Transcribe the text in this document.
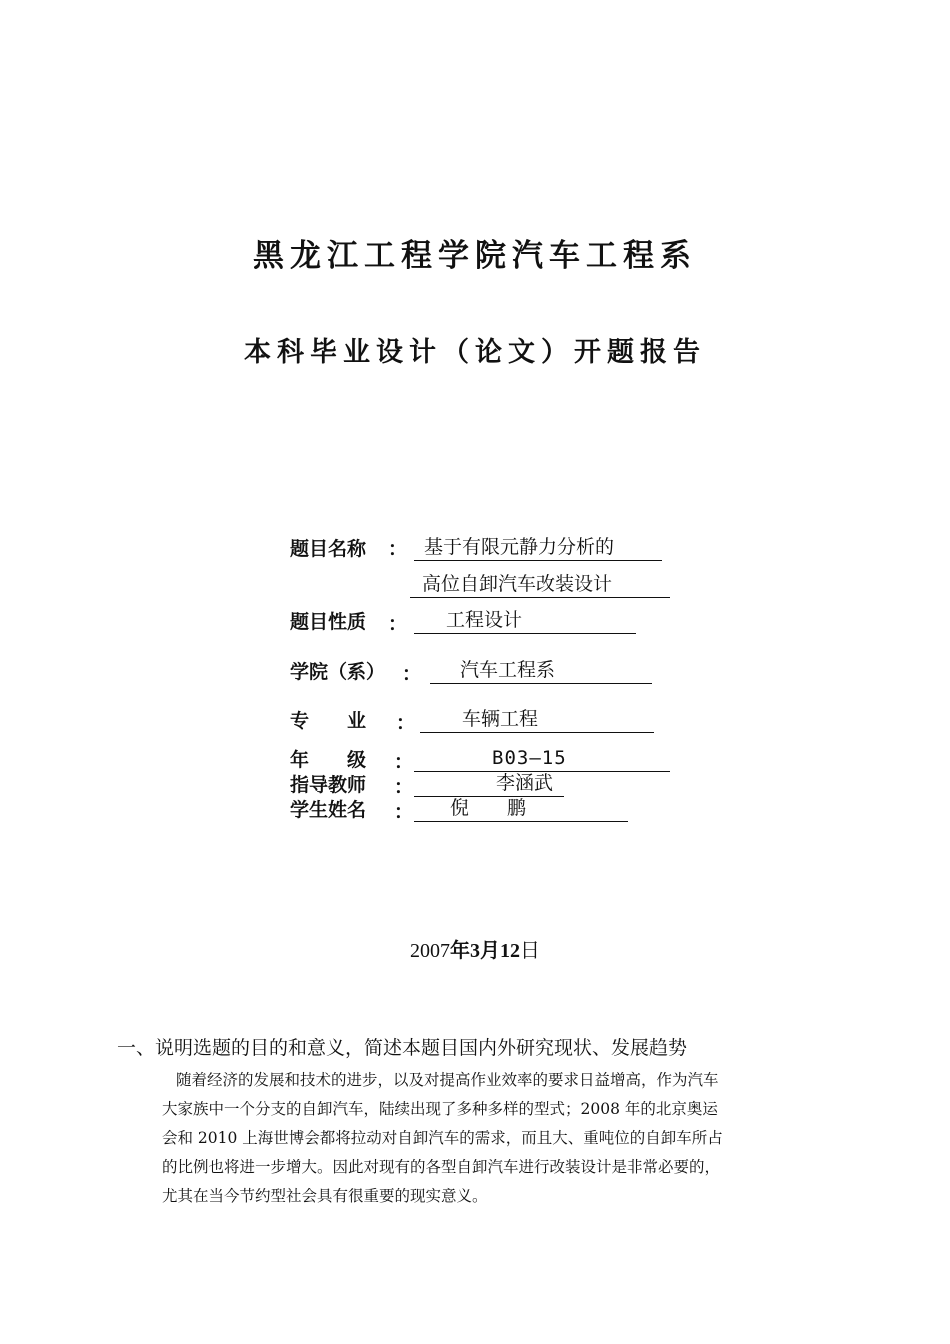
黑龙江工程学院汽车工程系
本科毕业设计（论文）开题报告
题目名称 ： 基于有限元静力分析的
高位自卸汽车改装设计
题目性质 ：	工程设计
学院（系） ：	汽车工程系
专　　业 ：	车辆工程
年　　级 ：	B03—15
指导教师 ：	李涵武
学生姓名 ：	倪　　鹏
2007年3月12日
一、说明选题的目的和意义，简述本题目国内外研究现状、发展趋势
随着经济的发展和技术的进步，以及对提高作业效率的要求日益增高，作为汽车
大家族中一个分支的自卸汽车，陆续出现了多种多样的型式；2008 年的北京奥运
会和 2010 上海世博会都将拉动对自卸汽车的需求，而且大、重吨位的自卸车所占
的比例也将进一步增大。因此对现有的各型自卸汽车进行改装设计是非常必要的，
尤其在当今节约型社会具有很重要的现实意义。
